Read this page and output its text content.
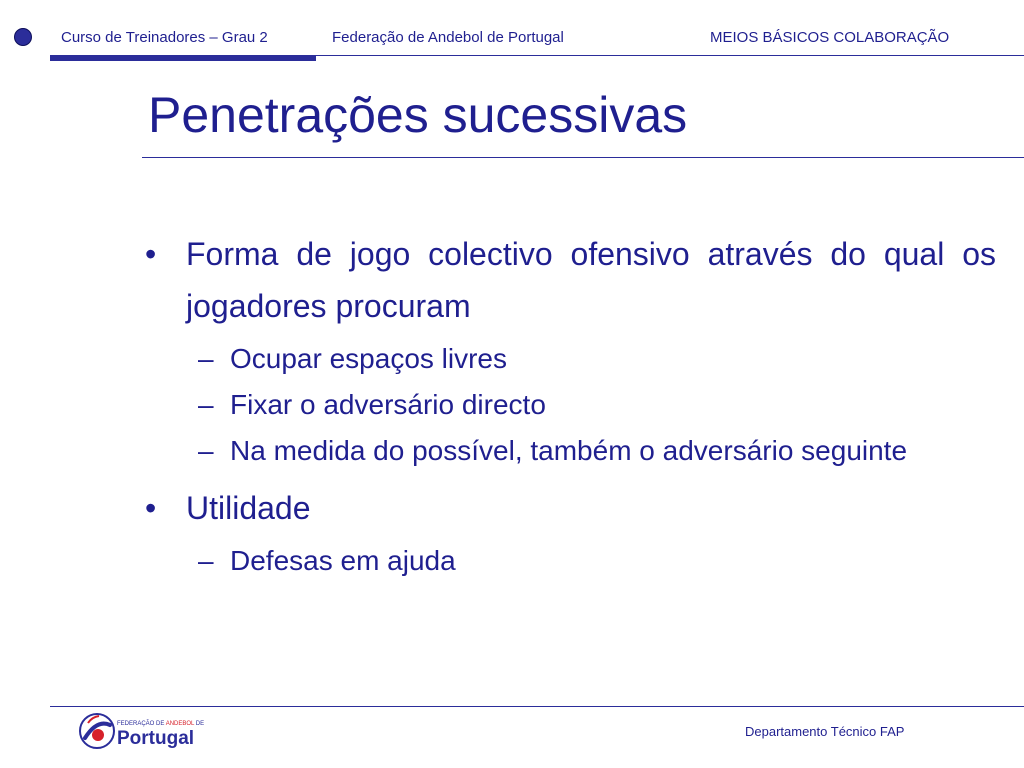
Curso de Treinadores – Grau 2	Federação de Andebol de Portugal	MEIOS BÁSICOS COLABORAÇÃO
Penetrações sucessivas
• Forma de jogo colectivo ofensivo através do qual os jogadores procuram
– Ocupar espaços livres
– Fixar o adversário directo
– Na medida do possível, também o adversário seguinte
• Utilidade
– Defesas em ajuda
FEDERAÇÃO DE ANDEBOL DE
Portugal	Departamento Técnico FAP
